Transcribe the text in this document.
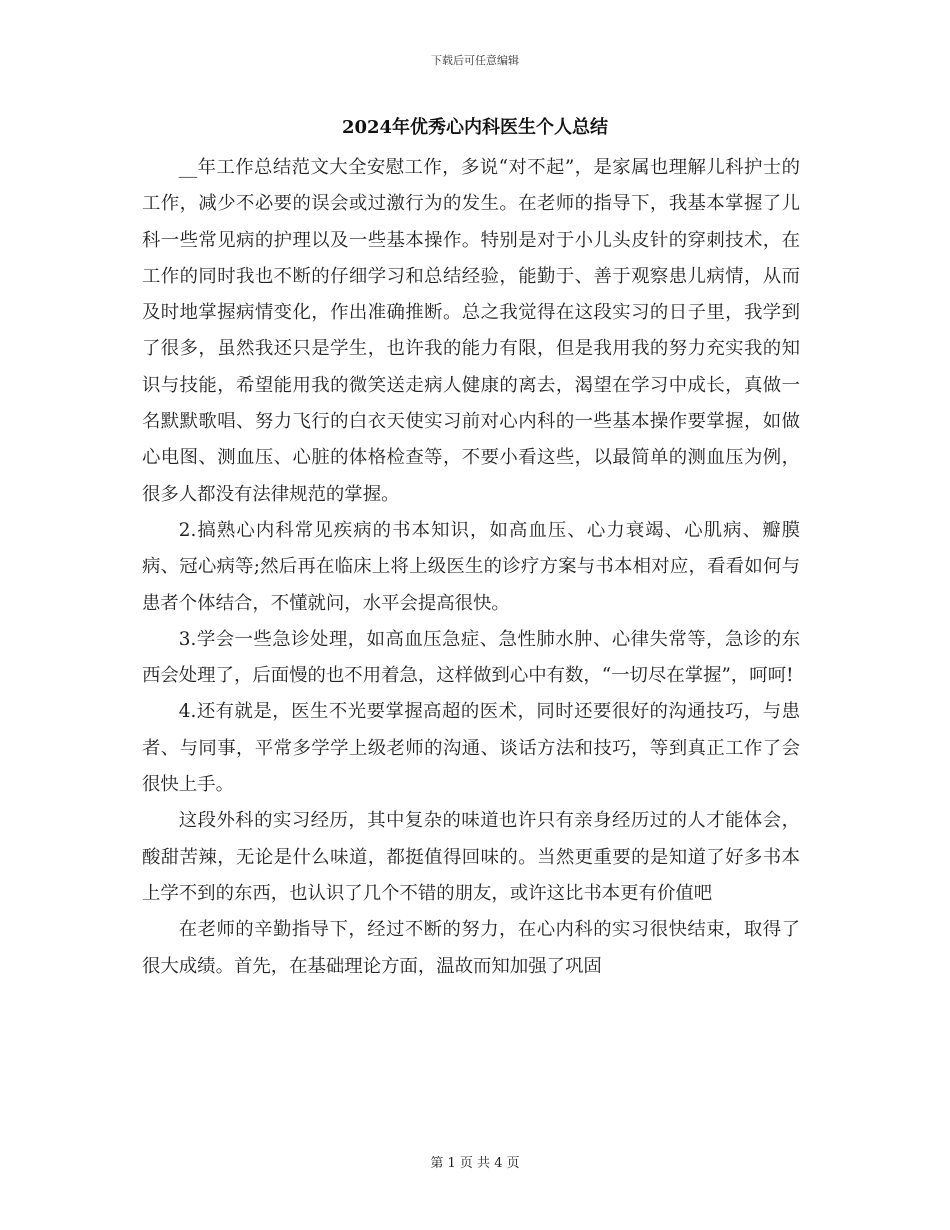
下载后可任意编辑
2024年优秀心内科医生个人总结

__年工作总结范文大全安慰工作，多说“对不起”，是家属也理解儿科护士的工作，减少不必要的误会或过激行为的发生。在老师的指导下，我基本掌握了儿科一些常见病的护理以及一些基本操作。特别是对于小儿头皮针的穿刺技术，在工作的同时我也不断的仔细学习和总结经验，能勤于、善于观察患儿病情，从而及时地掌握病情变化，作出准确推断。总之我觉得在这段实习的日子里，我学到了很多，虽然我还只是学生，也许我的能力有限，但是我用我的努力充实我的知识与技能，希望能用我的微笑送走病人健康的离去，渴望在学习中成长，真做一名默默歌唱、努力飞行的白衣天使实习前对心内科的一些基本操作要掌握，如做心电图、测血压、心脏的体格检查等，不要小看这些，以最简单的测血压为例，很多人都没有法律规范的掌握。

2.搞熟心内科常见疾病的书本知识，如高血压、心力衰竭、心肌病、瓣膜病、冠心病等;然后再在临床上将上级医生的诊疗方案与书本相对应，看看如何与患者个体结合，不懂就问，水平会提高很快。

3.学会一些急诊处理，如高血压急症、急性肺水肿、心律失常等，急诊的东西会处理了，后面慢的也不用着急，这样做到心中有数，“一切尽在掌握”，呵呵!

4.还有就是，医生不光要掌握高超的医术，同时还要很好的沟通技巧，与患者、与同事，平常多学学上级老师的沟通、谈话方法和技巧，等到真正工作了会很快上手。

这段外科的实习经历，其中复杂的味道也许只有亲身经历过的人才能体会，酸甜苦辣，无论是什么味道，都挺值得回味的。当然更重要的是知道了好多书本上学不到的东西，也认识了几个不错的朋友，或许这比书本更有价值吧

在老师的辛勤指导下，经过不断的努力，在心内科的实习很快结束，取得了很大成绩。首先，在基础理论方面，温故而知加强了巩固

第 1 页 共 4 页
